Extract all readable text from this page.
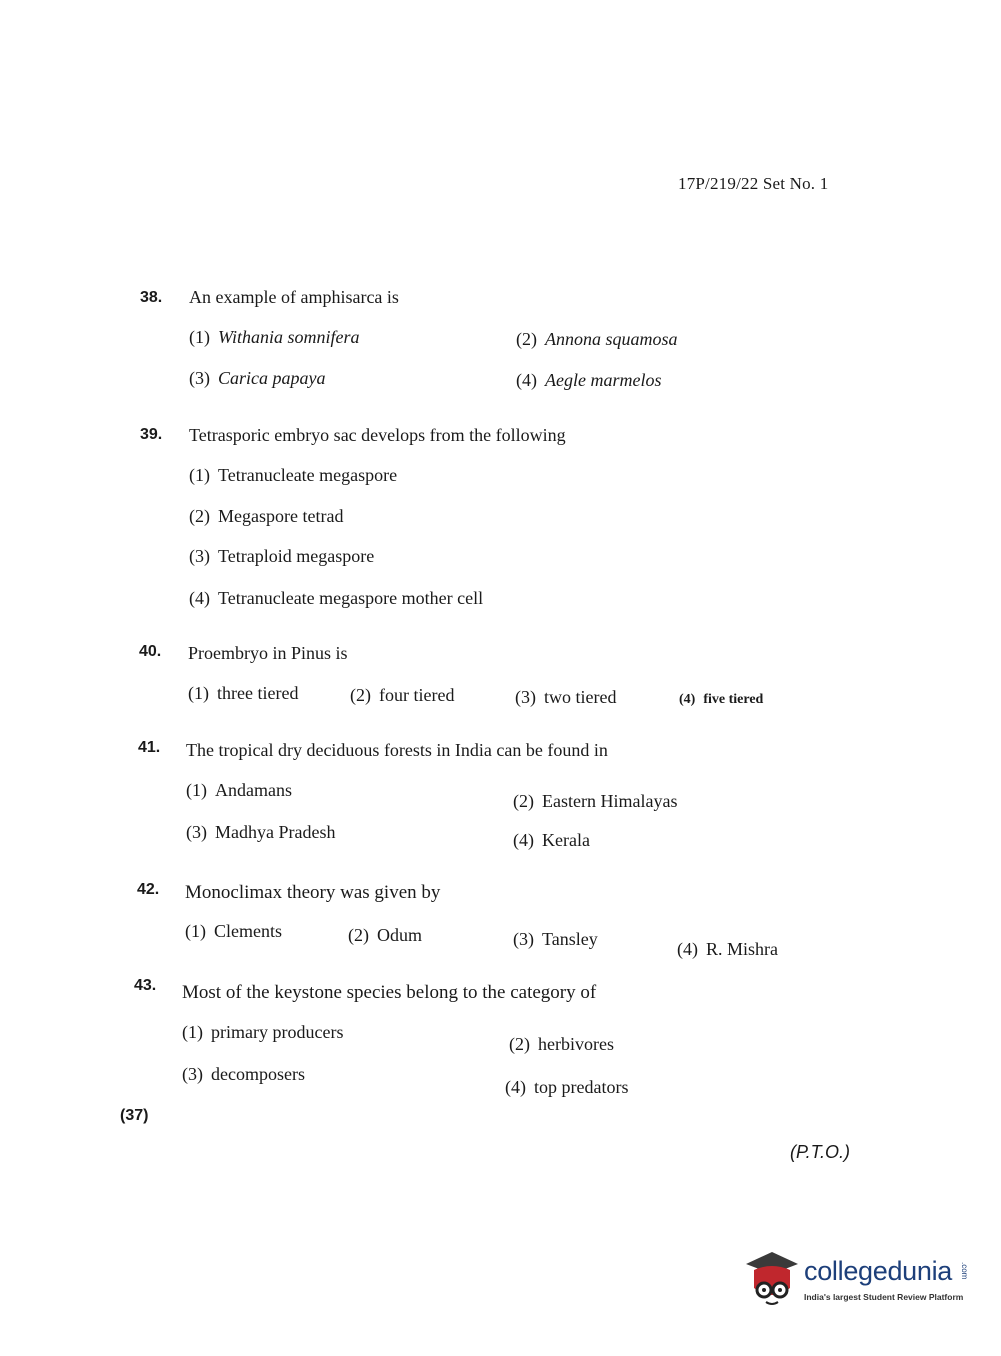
17P/219/22 Set No. 1
38. An example of amphisarca is
(1) Withania somnifera	(2) Annona squamosa
(3) Carica papaya	(4) Aegle marmelos
39. Tetrasporic embryo sac develops from the following
(1) Tetranucleate megaspore
(2) Megaspore tetrad
(3) Tetraploid megaspore
(4) Tetranucleate megaspore mother cell
40. Proembryo in Pinus is
(1) three tiered	(2) four tiered	(3) two tiered	(4) five tiered
41. The tropical dry deciduous forests in India can be found in
(1) Andamans
(2) Eastern Himalayas
(3) Madhya Pradesh	(4) Kerala
42. Monoclimax theory was given by
(1) Clements	(2) Odum	(3) Tansley	(4) R. Mishra
43. Most of the keystone species belong to the category of
(1) primary producers
(2) herbivores
(3) decomposers
(4) top predators
(37)
(P.T.O.)
collegedunia .com
India's largest Student Review Platform
